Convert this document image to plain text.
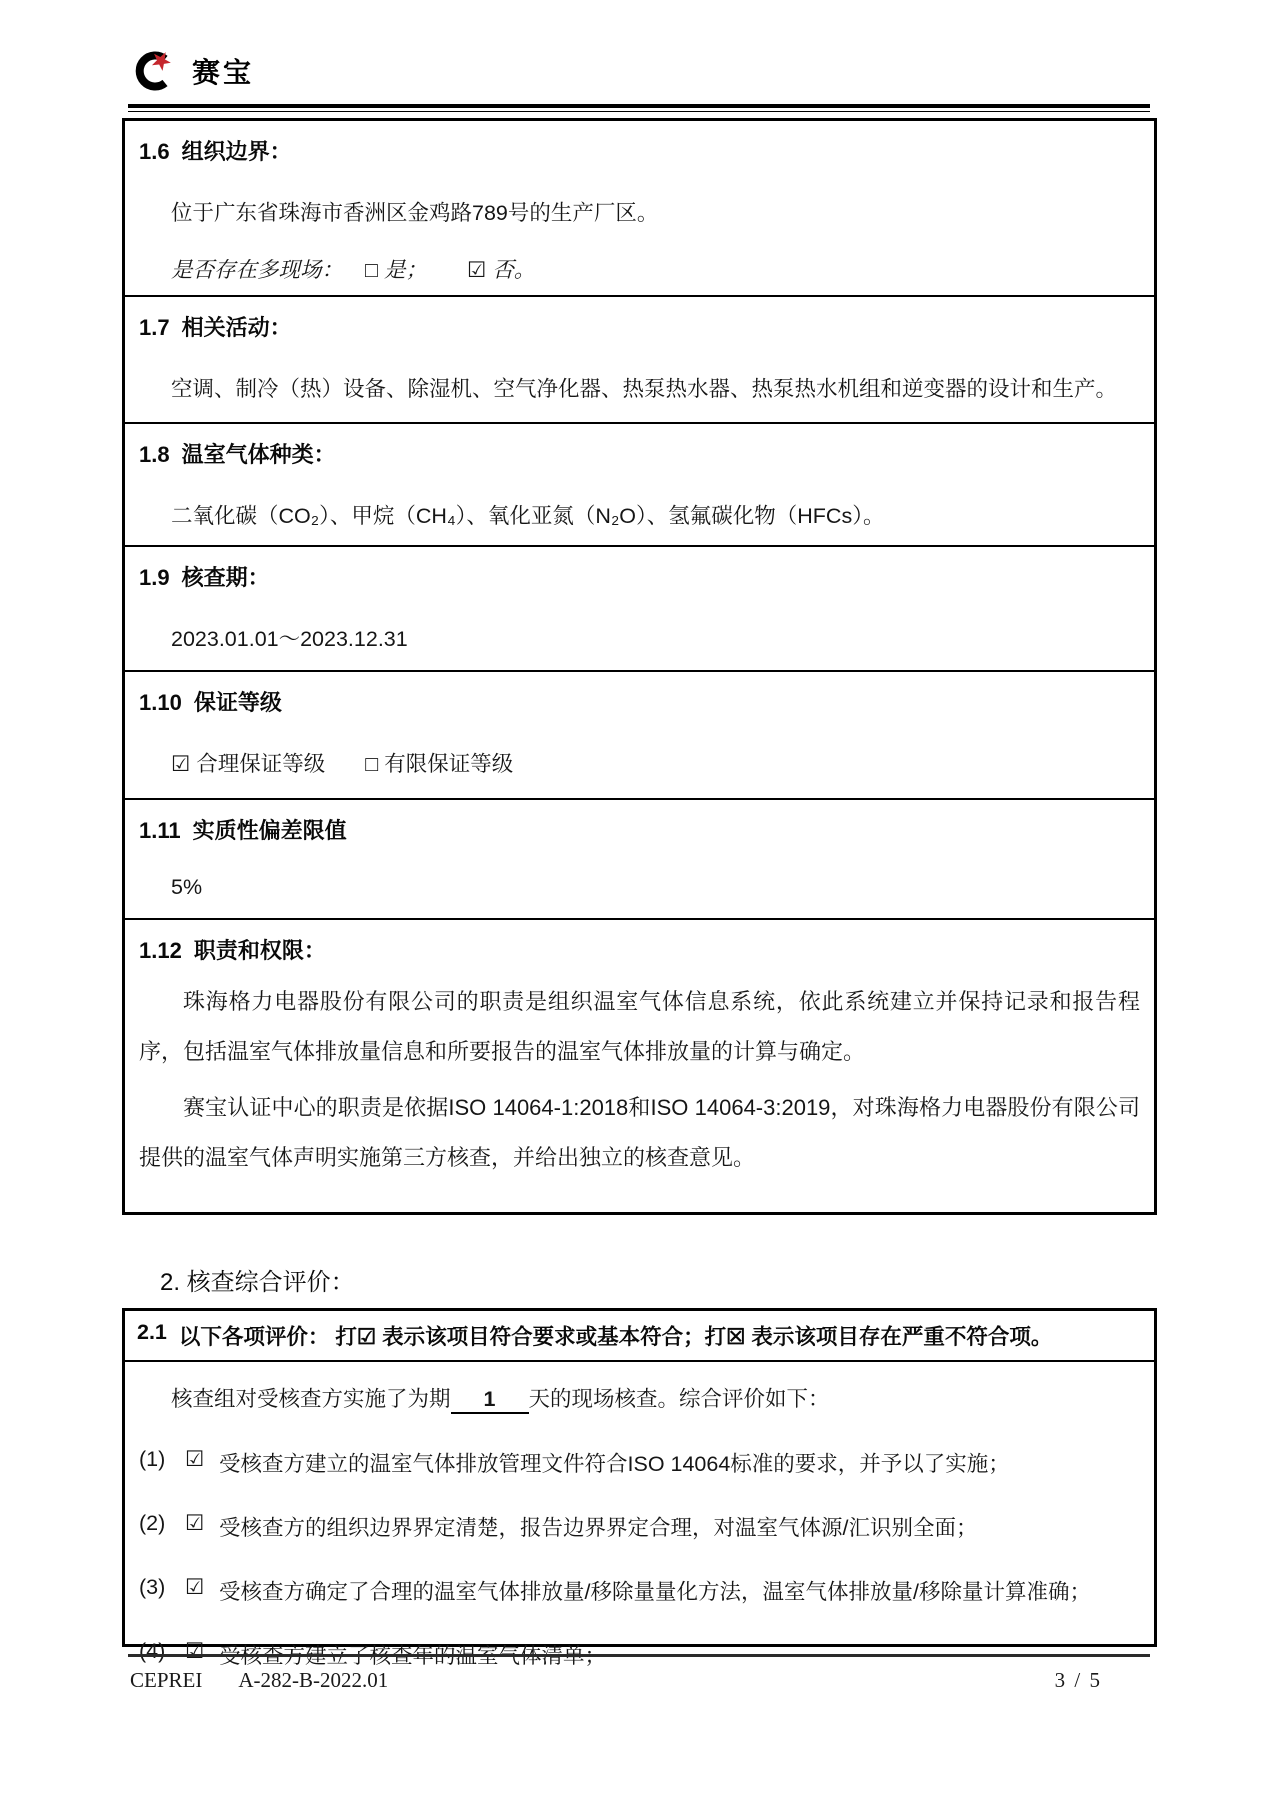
赛宝
1.6 组织边界：
位于广东省珠海市香洲区金鸡路789号的生产厂区。
是否存在多现场： □ 是； ☑ 否。
1.7 相关活动：
空调、制冷（热）设备、除湿机、空气净化器、热泵热水器、热泵热水机组和逆变器的设计和生产。
1.8 温室气体种类：
二氧化碳（CO₂）、甲烷（CH₄）、氧化亚氮（N₂O）、氢氟碳化物（HFCs）。
1.9 核查期：
2023.01.01～2023.12.31
1.10 保证等级
☑ 合理保证等级 □ 有限保证等级
1.11 实质性偏差限值
5%
1.12 职责和权限：

珠海格力电器股份有限公司的职责是组织温室气体信息系统，依此系统建立并保持记录和报告程序，包括温室气体排放量信息和所要报告的温室气体排放量的计算与确定。

赛宝认证中心的职责是依据ISO 14064-1:2018和ISO 14064-3:2019，对珠海格力电器股份有限公司提供的温室气体声明实施第三方核查，并给出独立的核查意见。

2. 核查综合评价：
2.1 以下各项评价： 打☑ 表示该项目符合要求或基本符合；打☒ 表示该项目存在严重不符合项。
核查组对受核查方实施了为期 1 天的现场核查。综合评价如下：
(1) ☑ 受核查方建立的温室气体排放管理文件符合ISO 14064标准的要求，并予以了实施；
(2) ☑ 受核查方的组织边界界定清楚，报告边界界定合理，对温室气体源/汇识别全面；
(3) ☑ 受核查方确定了合理的温室气体排放量/移除量量化方法，温室气体排放量/移除量计算准确；
(4) ☑ 受核查方建立了核查年的温室气体清单；
CEPREI A-282-B-2022.01	3 / 5
